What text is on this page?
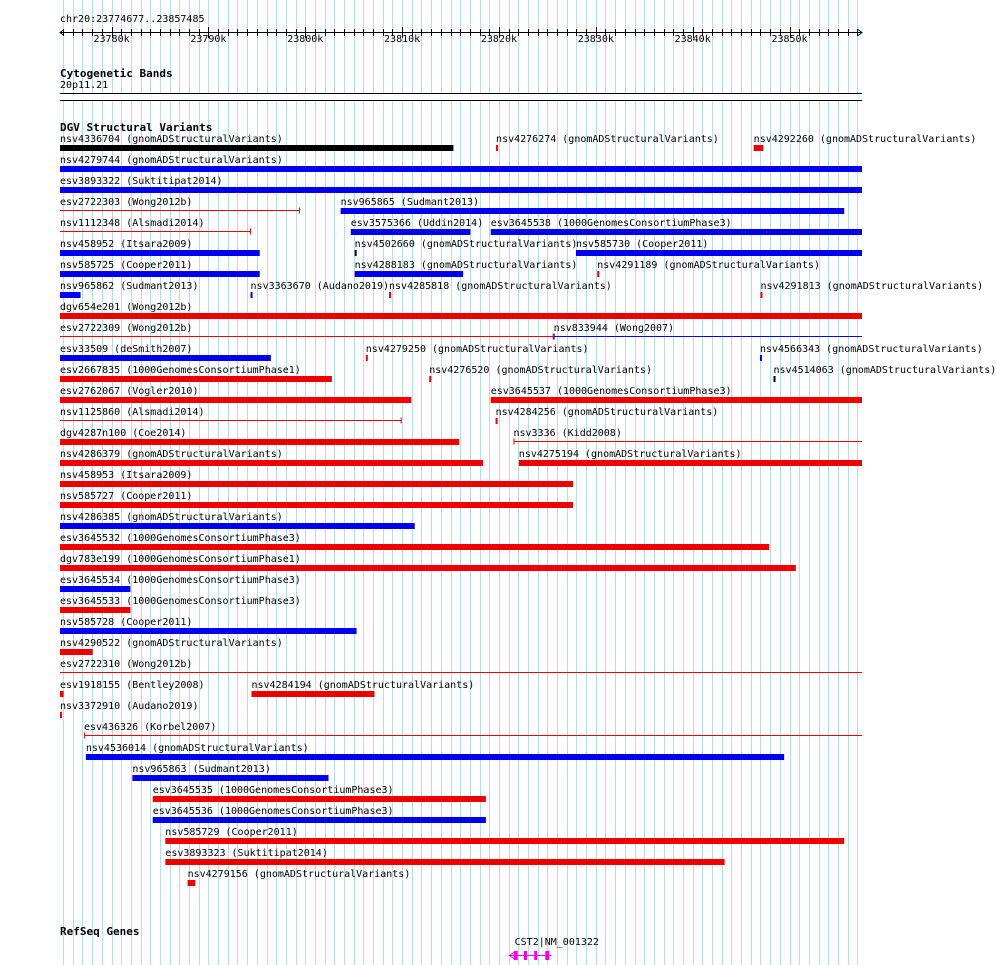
chr20:23774677..23857485
23780k	23790k	23800k	23810k	23820k	23830k	23840k	23850k
Cytogenetic Bands
20p11.21
DGV Structural Variants
nsv4336704 (gnomADStructuralVariants)	nsv4276274 (gnomADStructuralVariants)	nsv4292260 (gnomADStructuralVariants)
nsv4279744 (gnomADStructuralVariants)
esv3893322 (Suktitipat2014)
esv2722303 (Wong2012b)	nsv965865 (Sudmant2013)
nsv1112348 (Alsmadi2014)	esv3575366 (Uddin2014) esv3645538 (1000GenomesConsortiumPhase3)
nsv458952 (Itsara2009)	nsv4502660 (gnomADStructuralVariants)
nsv585730 (Cooper2011)
nsv585725 (Cooper2011)	nsv4288183 (gnomADStructuralVariants) nsv4291189 (gnomADStructuralVariants)
nsv965862 (Sudmant2013)	nsv3363670 (Audano2019) nsv4285818 (gnomADStructuralVariants)	nsv4291813 (gnomADStructuralVariants)
dgv654e201 (Wong2012b)
esv2722309 (Wong2012b)	nsv833944 (Wong2007)
esv33509 (deSmith2007)	nsv4279250 (gnomADStructuralVariants)	nsv4566343 (gnomADStructuralVariants)
esv2667835 (1000GenomesConsortiumPhase1)	nsv4276520 (gnomADStructuralVariants)	nsv4514063 (gnomADStructuralVariants)
esv2762067 (Vogler2010)	esv3645537 (1000GenomesConsortiumPhase3)
nsv1125860 (Alsmadi2014)	nsv4284256 (gnomADStructuralVariants)
dgv4287n100 (Coe2014)	nsv3336 (Kidd2008)
nsv4286379 (gnomADStructuralVariants)	nsv4275194 (gnomADStructuralVariants)
nsv458953 (Itsara2009)
nsv585727 (Cooper2011)
nsv4286385 (gnomADStructuralVariants)
esv3645532 (1000GenomesConsortiumPhase3)
dgv783e199 (1000GenomesConsortiumPhase1)
esv3645534 (1000GenomesConsortiumPhase3)
esv3645533 (1000GenomesConsortiumPhase3)
nsv585728 (Cooper2011)
nsv4290522 (gnomADStructuralVariants)
esv2722310 (Wong2012b)
esv1918155 (Bentley2008)	nsv4284194 (gnomADStructuralVariants)
nsv3372910 (Audano2019)
esv436326 (Korbel2007)
nsv4536014 (gnomADStructuralVariants)
nsv965863 (Sudmant2013)
esv3645535 (1000GenomesConsortiumPhase3)
esv3645536 (1000GenomesConsortiumPhase3)
nsv585729 (Cooper2011)
esv3893323 (Suktitipat2014)
nsv4279156 (gnomADStructuralVariants)
RefSeq Genes
CST2|NM_001322
